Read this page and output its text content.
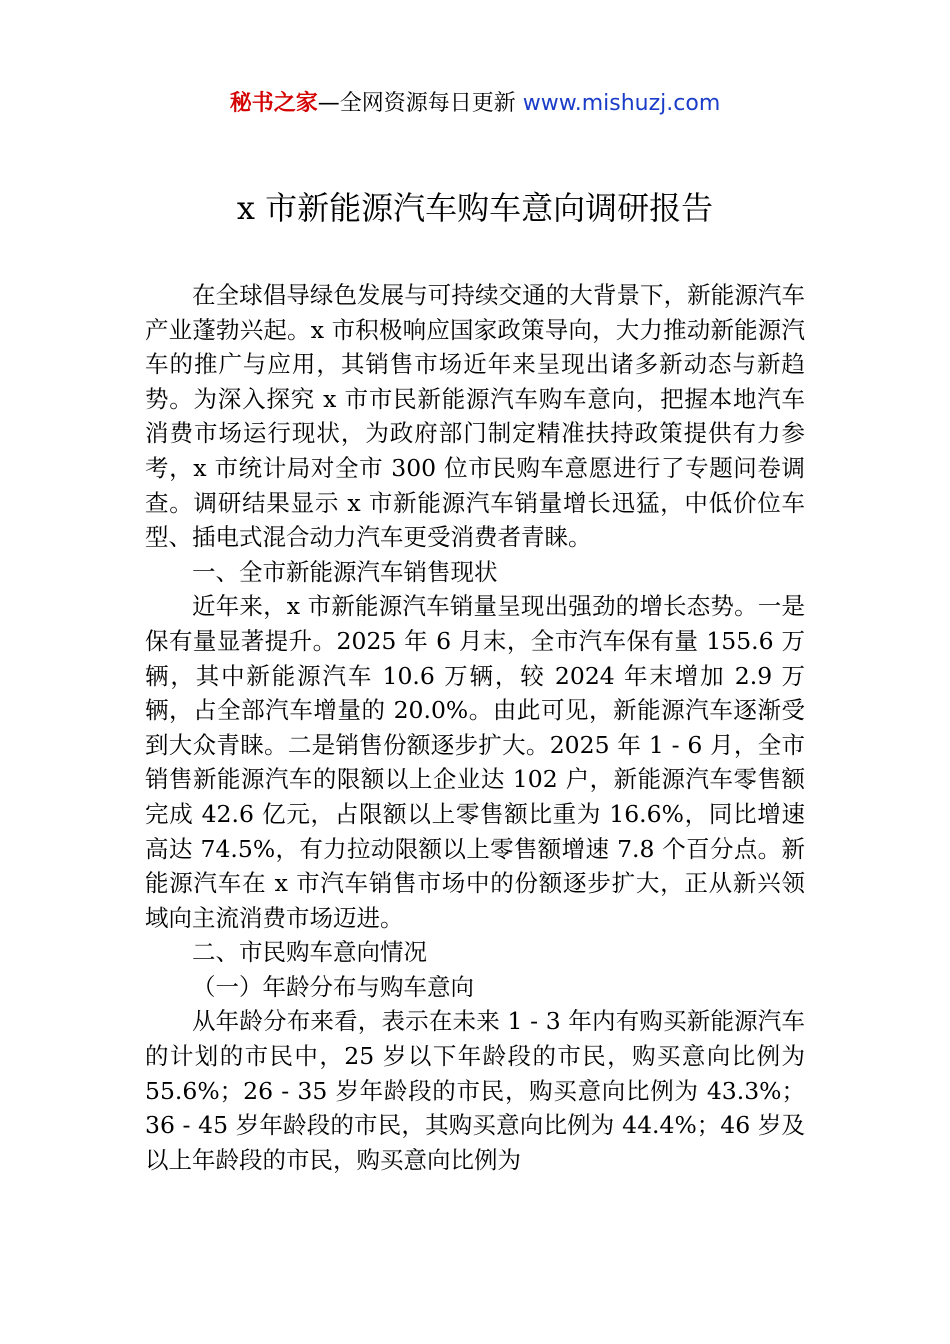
秘书之家—全网资源每日更新 www.mishuzj.com
x 市新能源汽车购车意向调研报告

在全球倡导绿色发展与可持续交通的大背景下，新能源汽车产业蓬勃兴起。x 市积极响应国家政策导向，大力推动新能源汽车的推广与应用，其销售市场近年来呈现出诸多新动态与新趋势。为深入探究 x 市市民新能源汽车购车意向，把握本地汽车消费市场运行现状，为政府部门制定精准扶持政策提供有力参考，x 市统计局对全市 300 位市民购车意愿进行了专题问卷调查。调研结果显示 x 市新能源汽车销量增长迅猛，中低价位车型、插电式混合动力汽车更受消费者青睐。

一、全市新能源汽车销售现状

近年来，x 市新能源汽车销量呈现出强劲的增长态势。一是保有量显著提升。2025 年 6 月末，全市汽车保有量 155.6 万辆，其中新能源汽车 10.6 万辆，较 2024 年末增加 2.9 万辆，占全部汽车增量的 20.0%。由此可见，新能源汽车逐渐受到大众青睐。二是销售份额逐步扩大。2025 年 1 - 6 月，全市销售新能源汽车的限额以上企业达 102 户，新能源汽车零售额完成 42.6 亿元，占限额以上零售额比重为 16.6%，同比增速高达 74.5%，有力拉动限额以上零售额增速 7.8 个百分点。新能源汽车在 x 市汽车销售市场中的份额逐步扩大，正从新兴领域向主流消费市场迈进。

二、市民购车意向情况

（一）年龄分布与购车意向

从年龄分布来看，表示在未来 1 - 3 年内有购买新能源汽车的计划的市民中，25 岁以下年龄段的市民，购买意向比例为 55.6%；26 - 35 岁年龄段的市民，购买意向比例为 43.3%；36 - 45 岁年龄段的市民，其购买意向比例为 44.4%；46 岁及以上年龄段的市民，购买意向比例为
